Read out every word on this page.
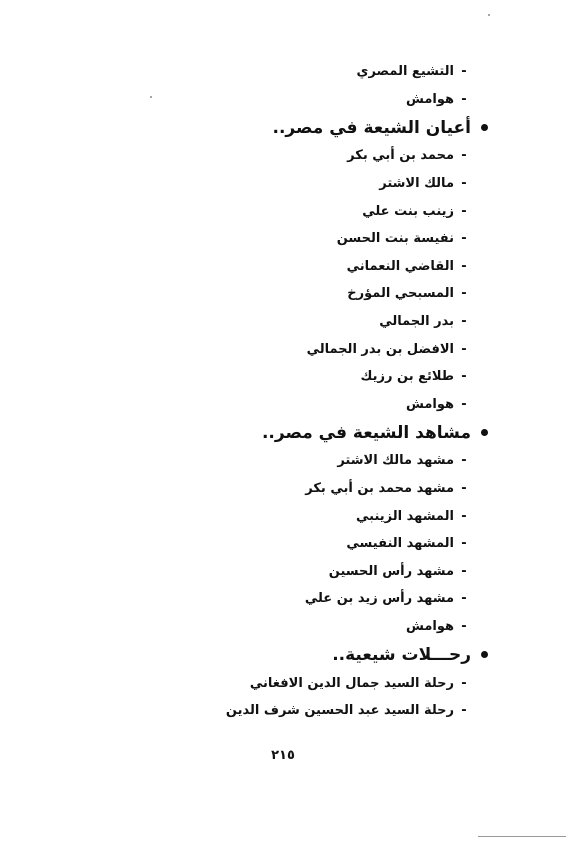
-
التشيع المصري
-
هوامش
أعيان الشيعة في مصر..
-
محمد بن أبي بكر
-
مالك الاشتر
-
زينب بنت علي
-
نفيسة بنت الحسن
-
القاضي النعماني
-
المسبحي المؤرخ
-
بدر الجمالي
-
الافضل بن بدر الجمالي
-
طلائع بن رزيك
-
هوامش
مشاهد الشيعة في مصر..
-
مشهد مالك الاشتر
-
مشهد محمد بن أبي بكر
-
المشهد الزينبي
-
المشهد النفيسي
-
مشهد رأس الحسين
-
مشهد رأس زيد بن علي
-
هوامش
رحـــلات شيعية..
-
رحلة السيد جمال الدين الافغاني
-
رحلة السيد عبد الحسين شرف الدين
٢١٥
